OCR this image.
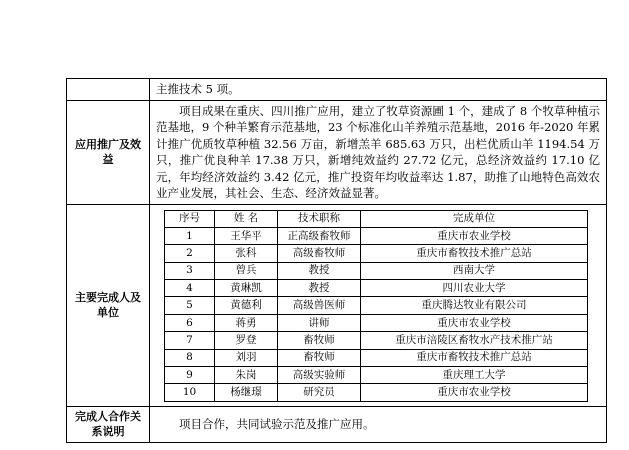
主推技术 5 项。

应用推广及效益	
项目成果在重庆、四川推广应用，建立了牧草资源圃 1 个，建成了 8 个牧草种植示范基地，9 个种羊繁育示范基地，23 个标准化山羊养殖示范基地，2016 年-2020 年累计推广优质牧草种植 32.56 万亩，新增羔羊 685.63 万只，出栏优质山羊 1194.54 万只，推广优良种羊 17.38 万只，新增纯效益约 27.72 亿元，总经济效益约 17.10 亿元，年均经济效益约 3.42 亿元，推广投资年均收益率达 1.87，助推了山地特色高效农业产业发展，其社会、生态、经济效益显著。

主要完成人及单位	
序号	姓 名	技术职称	完成单位
1	王华平	正高级畜牧师	重庆市农业学校
2	张科	高级畜牧师	重庆市畜牧技术推广总站
3	曾兵	教授	西南大学
4	黄琳凯	教授	四川农业大学
5	黄德利	高级兽医师	重庆腾达牧业有限公司
6	蒋勇	讲师	重庆市农业学校
7	罗登	畜牧师	重庆市涪陵区畜牧水产技术推广站
8	刘羽	畜牧师	重庆市畜牧技术推广总站
9	朱岗	高级实验师	重庆理工大学
10	杨继璟	研究员	重庆市农业学校

完成人合作关系说明	
项目合作，共同试验示范及推广应用。
